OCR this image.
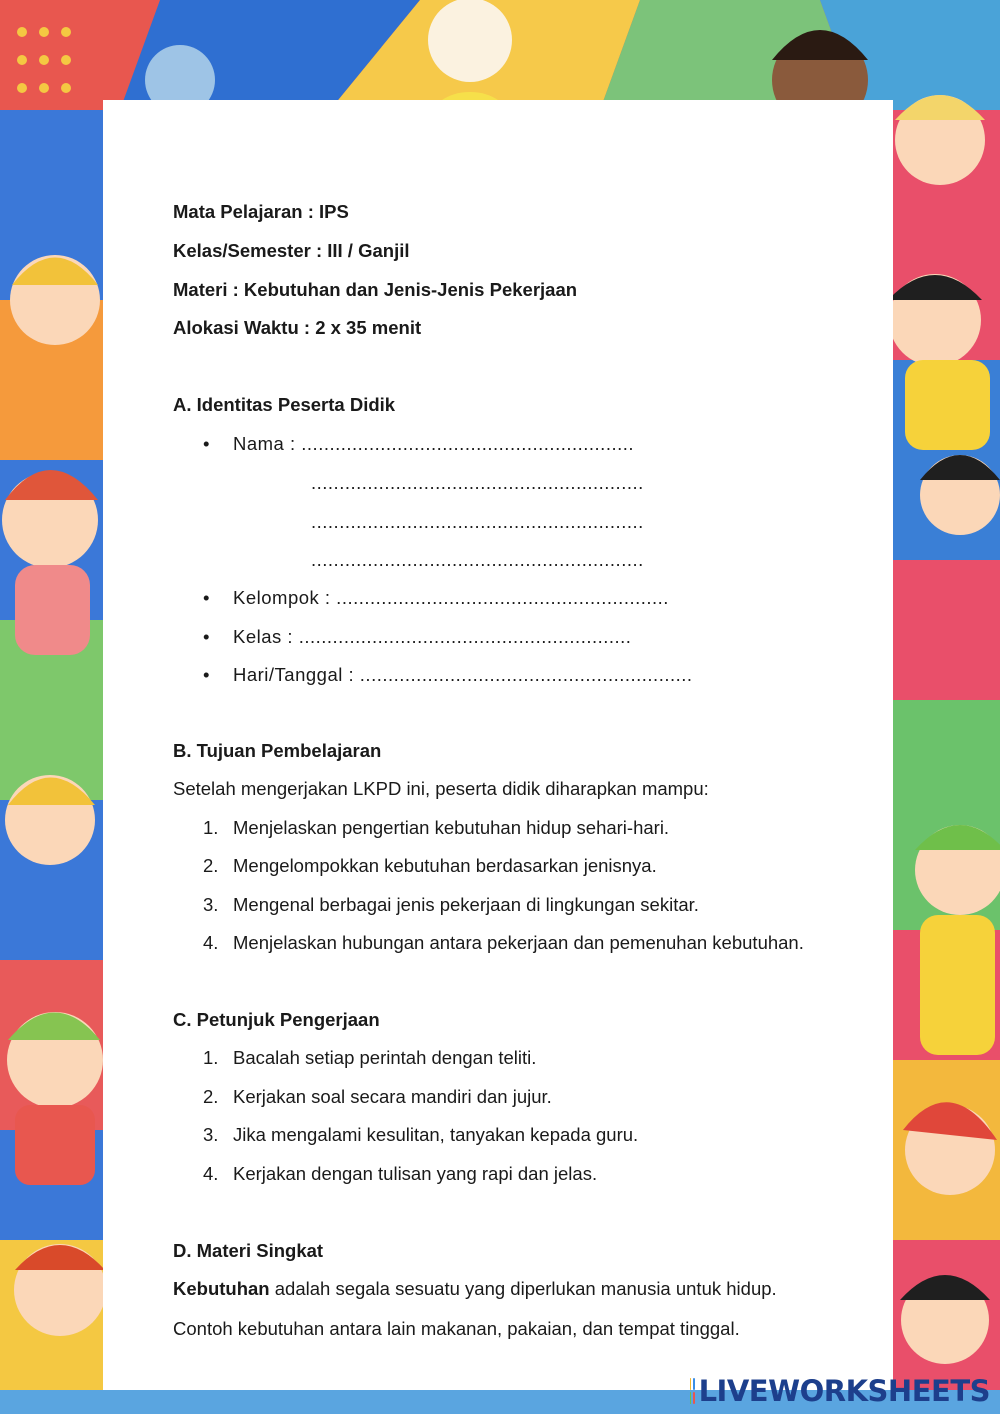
Mata Pelajaran : IPS
Kelas/Semester : III / Ganjil
Materi : Kebutuhan dan Jenis-Jenis Pekerjaan
Alokasi Waktu : 2 x 35 menit
A. Identitas Peserta Didik
• Nama : ...........................................................
...........................................................
...........................................................
...........................................................
• Kelompok : ...........................................................
• Kelas : ...........................................................
• Hari/Tanggal : ...........................................................
B. Tujuan Pembelajaran
Setelah mengerjakan LKPD ini, peserta didik diharapkan mampu:
1. Menjelaskan pengertian kebutuhan hidup sehari-hari.
2. Mengelompokkan kebutuhan berdasarkan jenisnya.
3. Mengenal berbagai jenis pekerjaan di lingkungan sekitar.
4. Menjelaskan hubungan antara pekerjaan dan pemenuhan kebutuhan.
C. Petunjuk Pengerjaan
1. Bacalah setiap perintah dengan teliti.
2. Kerjakan soal secara mandiri dan jujur.
3. Jika mengalami kesulitan, tanyakan kepada guru.
4. Kerjakan dengan tulisan yang rapi dan jelas.
D. Materi Singkat
Kebutuhan adalah segala sesuatu yang diperlukan manusia untuk hidup.
Contoh kebutuhan antara lain makanan, pakaian, dan tempat tinggal.
LIVEWORKSHEETS
